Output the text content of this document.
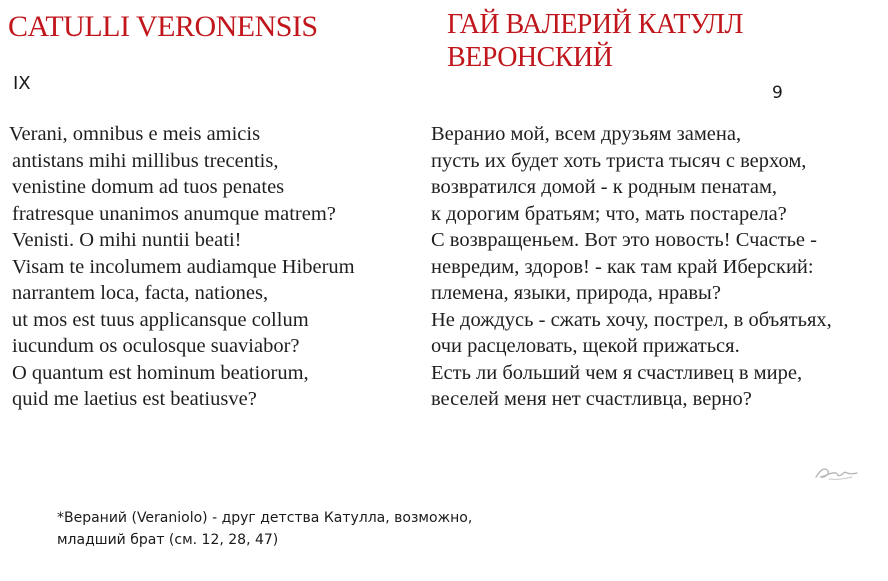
CATULLI VERONENSIS	ГАЙ ВАЛЕРИЙ КАТУЛЛ ВЕРОНСКИЙ
IX	9
Verani, omnibus e meis amicis
antistans mihi millibus trecentis,
venistine domum ad tuos penates
fratresque unanimos anumque matrem?
Venisti. O mihi nuntii beati!
Visam te incolumem audiamque Hiberum
narrantem loca, facta, nationes,
ut mos est tuus applicansque collum
iucundum os oculosque suaviabor?
O quantum est hominum beatiorum,
quid me laetius est beatiusve?
Веранио мой, всем друзьям замена,
пусть их будет хоть триста тысяч с верхом,
возвратился домой - к родным пенатам,
к дорогим братьям; что, мать постарела?
С возвращеньем. Вот это новость! Счастье -
невредим, здоров! - как там край Иберский:
племена, языки, природа, нравы?
Не дождусь - сжать хочу, пострел, в объятьях,
очи расцеловать, щекой прижаться.
Есть ли больший чем я счастливец в мире,
веселей меня нет счастливца, верно?
*Вераний (Veraniolo) - друг детства Катулла, возможно,
младший брат (см. 12, 28, 47)
